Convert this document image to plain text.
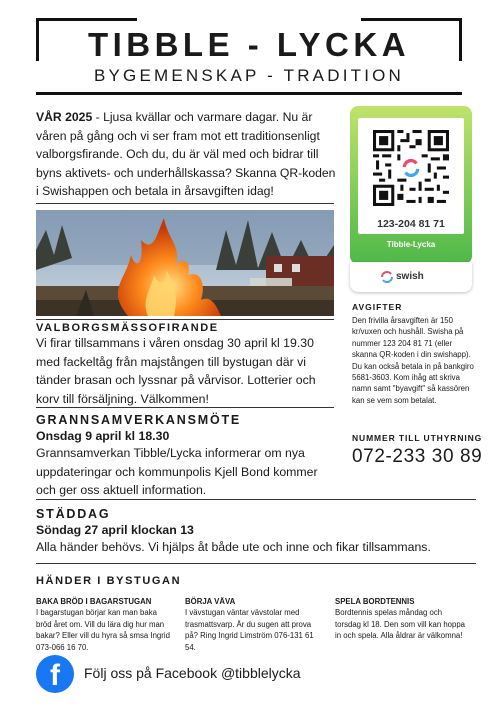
TIBBLE - LYCKA
BYGEMENSKAP - TRADITION
VÅR 2025 - Ljusa kvällar och varmare dagar. Nu är våren på gång och vi ser fram mot ett traditionsenligt valborgsfirande. Och du, du är väl med och bidrar till byns aktivets- och underhållskassa? Skanna QR-koden i Swishappen och betala in årsavgiften idag!
VALBORGSMÄSSOFIRANDE
Vi firar tillsammans i våren onsdag 30 april kl 19.30 med fackeltåg från majstången till bystugan där vi tänder brasan och lyssnar på vårvisor. Lotterier och korv till försäljning. Välkommen!
GRANNSAMVERKANSMÖTE
Onsdag 9 april kl 18.30
Grannsamverkan Tibble/Lycka informerar om nya uppdateringar och kommunpolis Kjell Bond kommer och ger oss aktuell information.
STÄDDAG
Söndag 27 april klockan 13
Alla händer behövs. Vi hjälps åt både ute och inne och fikar tillsammans.
HÄNDER I BYSTUGAN
BAKA BRÖD I BAGARSTUGAN
I bagarstugan börjar kan man baka bröd året om. Vill du lära dig hur man bakar? Eller vill du hyra så smsa Ingrid 073-066 16 70.
BÖRJA VÄVA
I vävstugan väntar vävstolar med trasmattsvarp. Är du sugen att prova på? Ring Ingrid Limström 076-131 61 54.
SPELA BORDTENNIS
Bordtennis spelas måndag och torsdag kl 18. Den som vill kan hoppa in och spela. Alla åldrar är välkomna!
f	Följ oss på Facebook @tibblelycka
123-204 81 71
Tibble-Lycka
swish
AVGIFTER
Den frivilla årsavgiften är 150 kr/vuxen och hushåll. Swisha på nummer 123 204 81 71 (eller skanna QR-koden i din swishapp). Du kan också betala in på bankgiro 5681-3603. Kom ihåg att skriva namn samt "byavgift" så kassören kan se vem som betalat.
NUMMER TILL UTHYRNING
072-233 30 89
